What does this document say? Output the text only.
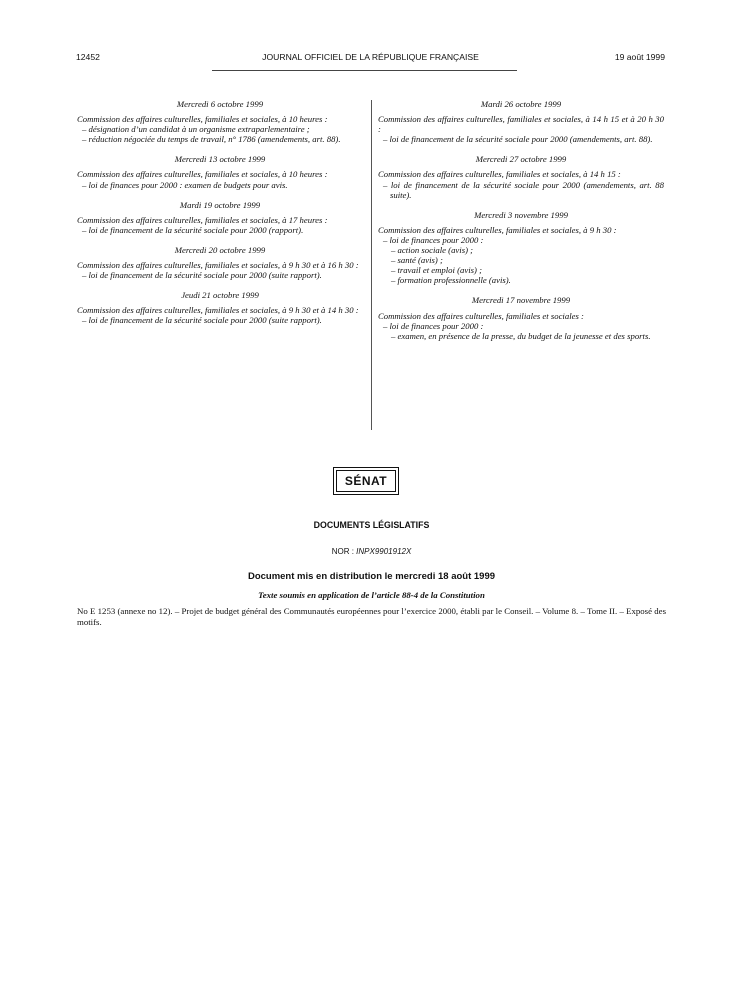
12452	JOURNAL OFFICIEL DE LA RÉPUBLIQUE FRANÇAISE	19 août 1999
Mercredi 6 octobre 1999
Commission des affaires culturelles, familiales et sociales, à 10 heures :
– désignation d’un candidat à un organisme extraparlementaire ;
– réduction négociée du temps de travail, n° 1786 (amendements, art. 88).
Mercredi 13 octobre 1999
Commission des affaires culturelles, familiales et sociales, à 10 heures :
– loi de finances pour 2000 : examen de budgets pour avis.
Mardi 19 octobre 1999
Commission des affaires culturelles, familiales et sociales, à 17 heures :
– loi de financement de la sécurité sociale pour 2000 (rapport).
Mercredi 20 octobre 1999
Commission des affaires culturelles, familiales et sociales, à 9 h 30 et à 16 h 30 :
– loi de financement de la sécurité sociale pour 2000 (suite rapport).
Jeudi 21 octobre 1999
Commission des affaires culturelles, familiales et sociales, à 9 h 30 et à 14 h 30 :
– loi de financement de la sécurité sociale pour 2000 (suite rapport).
Mardi 26 octobre 1999
Commission des affaires culturelles, familiales et sociales, à 14 h 15 et à 20 h 30 :
– loi de financement de la sécurité sociale pour 2000 (amendements, art. 88).
Mercredi 27 octobre 1999
Commission des affaires culturelles, familiales et sociales, à 14 h 15 :
– loi de financement de la sécurité sociale pour 2000 (amendements, art. 88 suite).
Mercredi 3 novembre 1999
Commission des affaires culturelles, familiales et sociales, à 9 h 30 :
– loi de finances pour 2000 :
– action sociale (avis) ;
– santé (avis) ;
– travail et emploi (avis) ;
– formation professionnelle (avis).
Mercredi 17 novembre 1999
Commission des affaires culturelles, familiales et sociales :
– loi de finances pour 2000 :
– examen, en présence de la presse, du budget de la jeunesse et des sports.
SÉNAT
DOCUMENTS LÉGISLATIFS
NOR : INPX9901912X
Document mis en distribution le mercredi 18 août 1999
Texte soumis en application de l’article 88-4 de la Constitution
No E 1253 (annexe no 12). – Projet de budget général des Communautés européennes pour l’exercice 2000, établi par le Conseil. – Volume 8. – Tome II. – Exposé des motifs.
